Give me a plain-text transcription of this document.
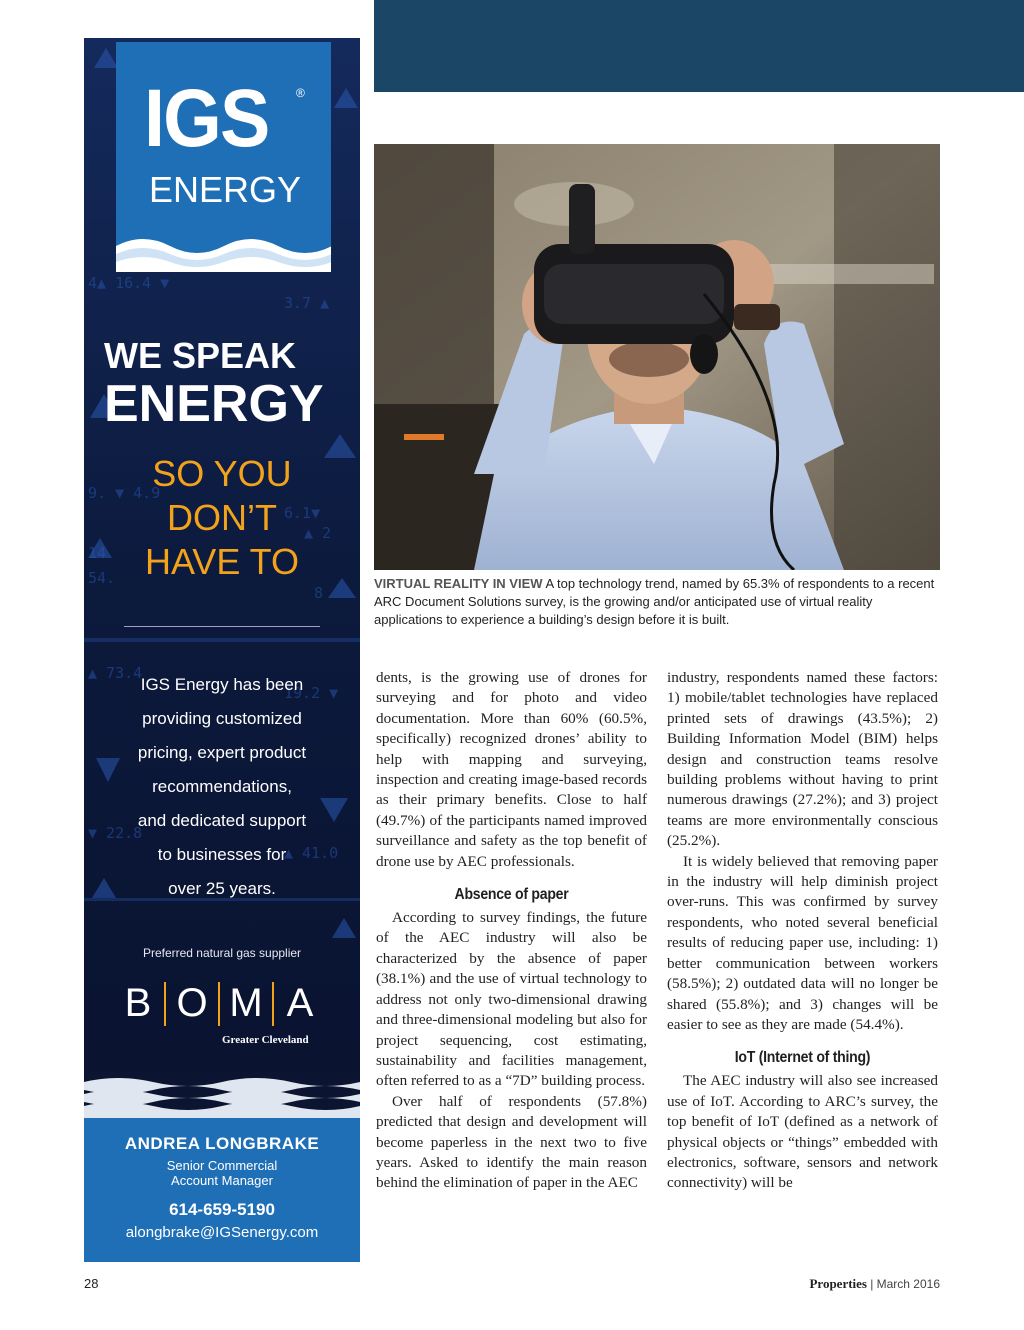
4▲ 16.4 ▼
3.7 ▲
9. ▼ 4.9
6.1▼
14
▲ 2
54.
8
▲ 73.4
19.2 ▼
▼ 22.8
▲ 41.0
IGS ®
ENERGY
WE SPEAK
ENERGY
SO YOU
DON’T
HAVE TO
IGS Energy has been
providing customized
pricing, expert product
recommendations,
and dedicated support
to businesses for
over 25 years.
Preferred natural gas supplier
B O M A
Greater Cleveland
ANDREA LONGBRAKE
Senior Commercial
Account Manager
614-659-5190
alongbrake@IGSenergy.com
VIRTUAL REALITY IN VIEW A top technology trend, named by 65.3% of respondents to a recent ARC Document Solutions survey, is the growing and/or anticipated use of virtual reality applications to experience a building’s design before it is built.

dents, is the growing use of drones for surveying and for photo and video documentation. More than 60% (60.5%, specifically) recognized drones’ ability to help with mapping and surveying, inspection and creating image-based records as their primary benefits. Close to half (49.7%) of the participants named improved surveillance and safety as the top benefit of drone use by AEC professionals.

Absence of paper

According to survey findings, the future of the AEC industry will also be characterized by the absence of paper (38.1%) and the use of virtual technology to address not only two-dimensional drawing and three-dimensional modeling but also for project sequencing, cost estimating, sustainability and facilities management, often referred to as a “7D” building process.

Over half of respondents (57.8%) predicted that design and development will become paperless in the next two to five years. Asked to identify the main reason behind the elimination of paper in the AEC

industry, respondents named these factors: 1) mobile/tablet technologies have replaced printed sets of drawings (43.5%); 2) Building Information Model (BIM) helps design and construction teams resolve building problems without having to print numerous drawings (27.2%); and 3) project teams are more environmentally conscious (25.2%).

It is widely believed that removing paper in the industry will help diminish project over-runs. This was confirmed by survey respondents, who noted several beneficial results of reducing paper use, including: 1) better communication between workers (58.5%); 2) outdated data will no longer be shared (55.8%); and 3) changes will be easier to see as they are made (54.4%).

IoT (Internet of thing)

The AEC industry will also see increased use of IoT. According to ARC’s survey, the top benefit of IoT (defined as a network of physical objects or “things” embedded with electronics, software, sensors and network connectivity) will be

28	Properties | March 2016
